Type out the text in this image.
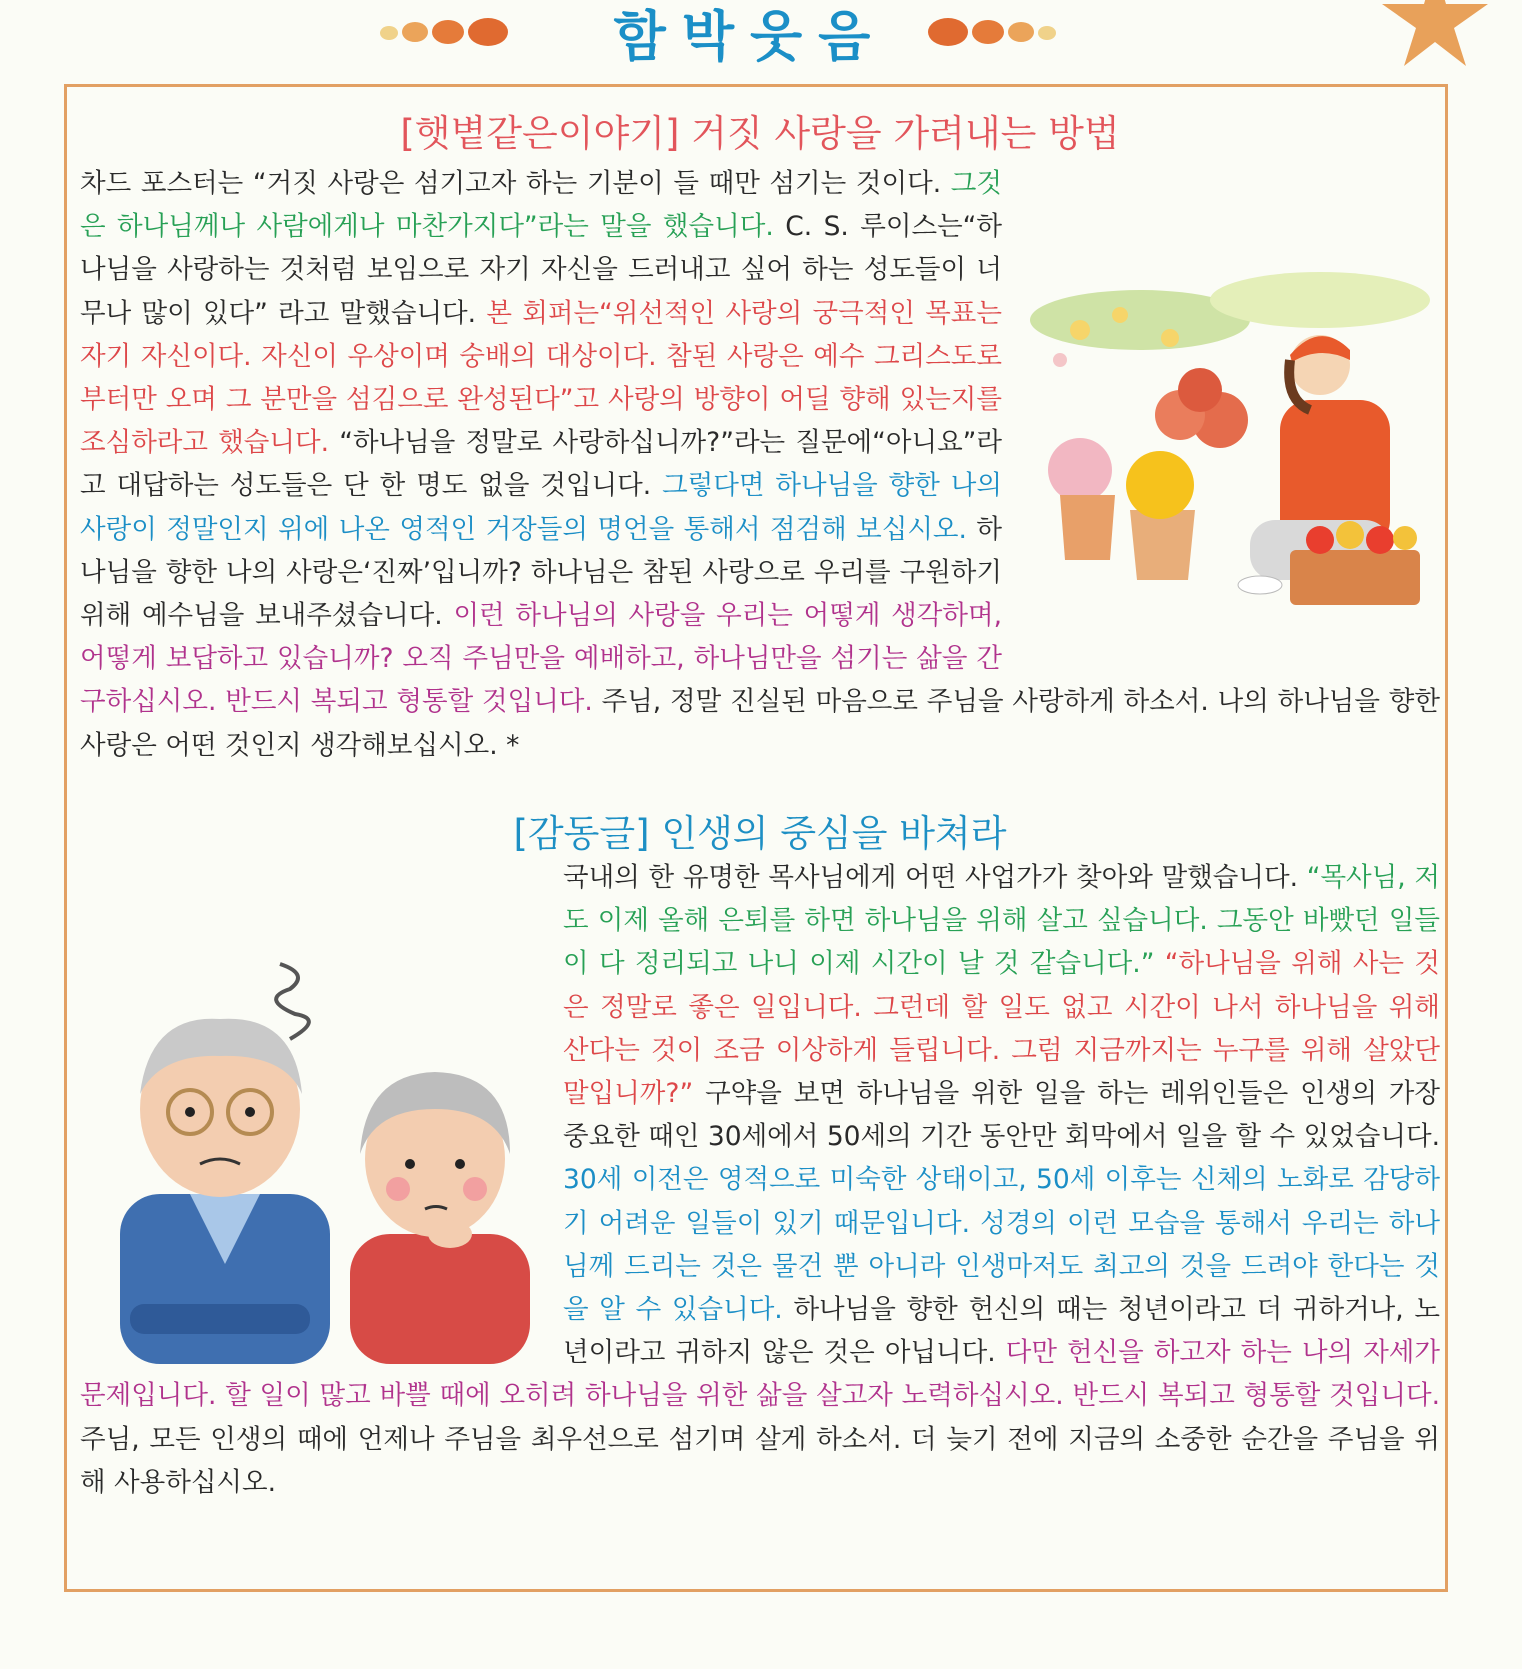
함박웃음
[햇볕같은이야기] 거짓 사랑을 가려내는 방법
차드 포스터는 “거짓 사랑은 섬기고자 하는 기분이 들 때만 섬기는 것이다. 그것은 하나님께나 사람에게나 마찬가지다”라는 말을 했습니다. C. S. 루이스는“하나님을 사랑하는 것처럼 보임으로 자기 자신을 드러내고 싶어 하는 성도들이 너무나 많이 있다” 라고 말했습니다. 본 회퍼는“위선적인 사랑의 궁극적인 목표는 자기 자신이다. 자신이 우상이며 숭배의 대상이다. 참된 사랑은 예수 그리스도로부터만 오며 그 분만을 섬김으로 완성된다”고 사랑의 방향이 어딜 향해 있는지를 조심하라고 했습니다. “하나님을 정말로 사랑하십니까?”라는 질문에“아니요”라고 대답하는 성도들은 단 한 명도 없을 것입니다. 그렇다면 하나님을 향한 나의 사랑이 정말인지 위에 나온 영적인 거장들의 명언을 통해서 점검해 보십시오. 하나님을 향한 나의 사랑은‘진짜’입니까? 하나님은 참된 사랑으로 우리를 구원하기 위해 예수님을 보내주셨습니다. 이런 하나님의 사랑을 우리는 어떻게 생각하며, 어떻게 보답하고 있습니까? 오직 주님만을 예배하고, 하나님만을 섬기는 삶을 간구하십시오. 반드시 복되고 형통할 것입니다. 주님, 정말 진실된 마음으로 주님을 사랑하게 하소서. 나의 하나님을 향한 사랑은 어떤 것인지 생각해보십시오. *
[감동글] 인생의 중심을 바쳐라
국내의 한 유명한 목사님에게 어떤 사업가가 찾아와 말했습니다. “목사님, 저도 이제 올해 은퇴를 하면 하나님을 위해 살고 싶습니다. 그동안 바빴던 일들이 다 정리되고 나니 이제 시간이 날 것 같습니다.” “하나님을 위해 사는 것은 정말로 좋은 일입니다. 그런데 할 일도 없고 시간이 나서 하나님을 위해 산다는 것이 조금 이상하게 들립니다. 그럼 지금까지는 누구를 위해 살았단 말입니까?” 구약을 보면 하나님을 위한 일을 하는 레위인들은 인생의 가장 중요한 때인 30세에서 50세의 기간 동안만 회막에서 일을 할 수 있었습니다. 30세 이전은 영적으로 미숙한 상태이고, 50세 이후는 신체의 노화로 감당하기 어려운 일들이 있기 때문입니다. 성경의 이런 모습을 통해서 우리는 하나님께 드리는 것은 물건 뿐 아니라 인생마저도 최고의 것을 드려야 한다는 것을 알 수 있습니다. 하나님을 향한 헌신의 때는 청년이라고 더 귀하거나, 노년이라고 귀하지 않은 것은 아닙니다. 다만 헌신을 하고자 하는 나의 자세가 문제입니다. 할 일이 많고 바쁠 때에 오히려 하나님을 위한 삶을 살고자 노력하십시오. 반드시 복되고 형통할 것입니다. 주님, 모든 인생의 때에 언제나 주님을 최우선으로 섬기며 살게 하소서. 더 늦기 전에 지금의 소중한 순간을 주님을 위해 사용하십시오.
